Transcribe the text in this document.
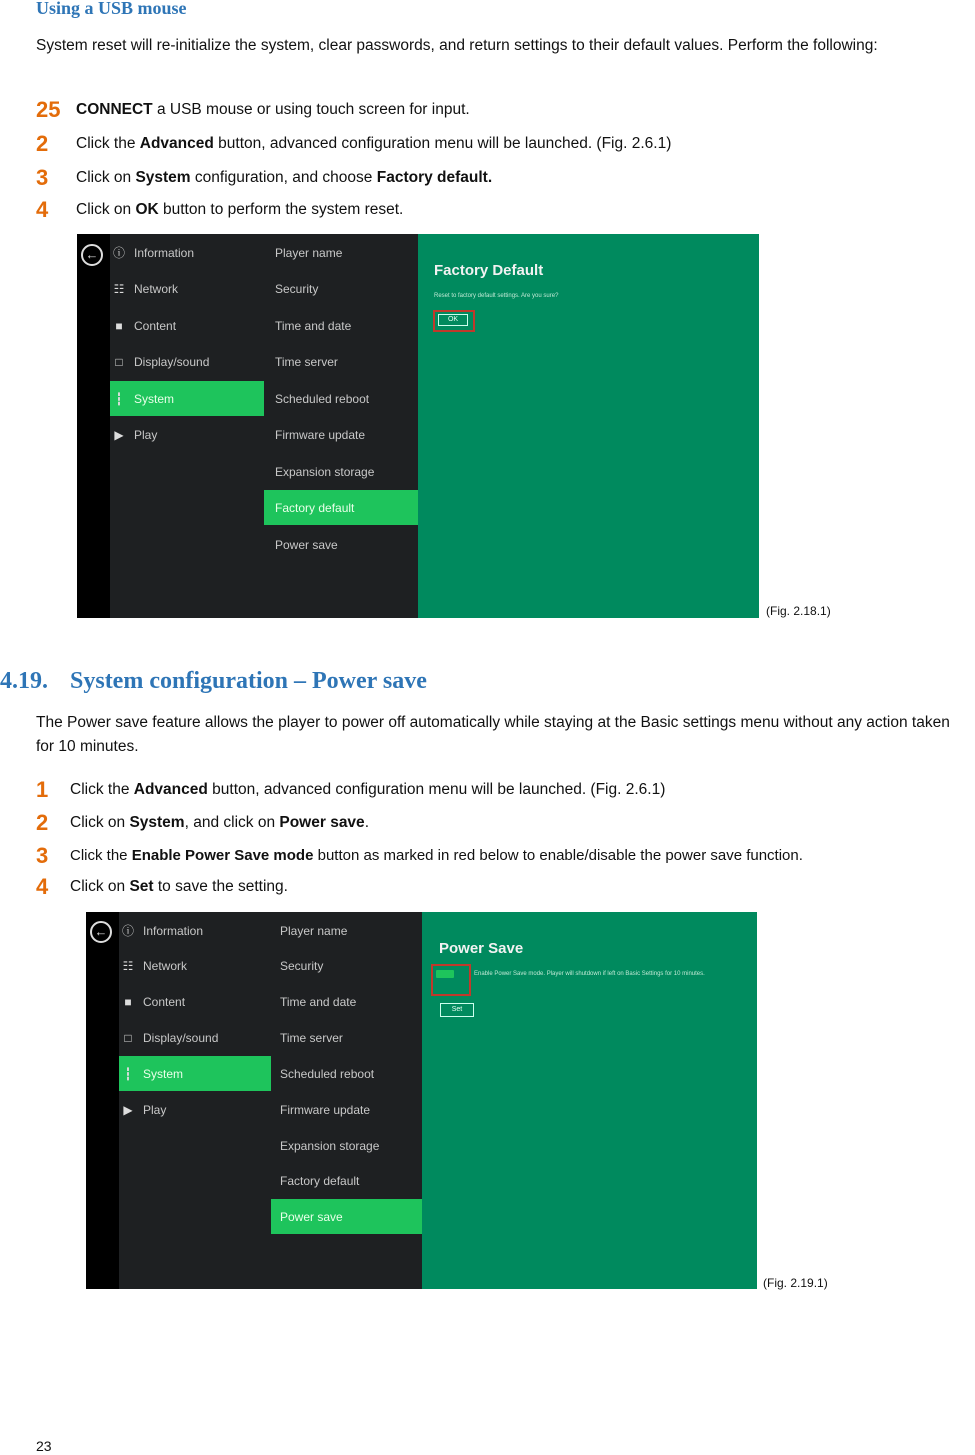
Using a USB mouse
System reset will re-initialize the system, clear passwords, and return settings to their default values. Perform the following:
25	CONNECT a USB mouse or using touch screen for input.
2	Click the Advanced button, advanced configuration menu will be launched. (Fig. 2.6.1)
3	Click on System configuration, and choose Factory default.
4	Click on OK button to perform the system reset.
←	ⓘ Information
☷ Network
■ Content
□ Display/sound
┇ System
▶ Play
Player name
Security
Time and date
Time server
Scheduled reboot
Firmware update
Expansion storage
Factory default
Power save
Factory Default
Reset to factory default settings. Are you sure?
OK
(Fig. 2.18.1)
4.19. System configuration – Power save
The Power save feature allows the player to power off automatically while staying at the Basic settings menu without any action taken for 10 minutes.
1	Click the Advanced button, advanced configuration menu will be launched. (Fig. 2.6.1)
2	Click on System , and click on Power save .
3	Click the Enable Power Save mode button as marked in red below to enable/disable the power save function.
4	Click on Set to save the setting.
←	ⓘ Information
☷ Network
■ Content
□ Display/sound
┇ System
▶ Play
Player name
Security
Time and date
Time server
Scheduled reboot
Firmware update
Expansion storage
Factory default
Power save
Power Save
Enable Power Save mode. Player will shutdown if left on Basic Settings for 10 minutes.
Set
(Fig. 2.19.1)
23
